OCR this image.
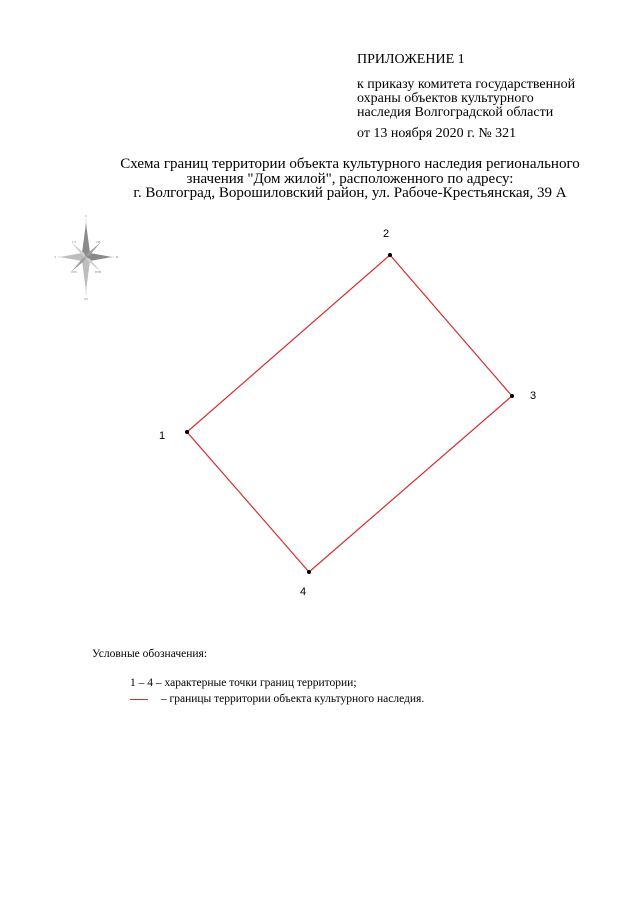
ПРИЛОЖЕНИЕ 1
к приказу комитета государственной
охраны объектов культурного
наследия Волгоградской области
от 13 ноября 2020 г. № 321
Схема границ территории объекта культурного наследия регионального
значения "Дом жилой", расположенного по адресу:
г. Волгоград, Ворошиловский район, ул. Рабоче-Крестьянская, 39 А
С
Ю
З	В
СЗ	СВ
ЮЗ	ЮВ
1
2
3
4
Условные обозначения:
1 – 4 – характерные точки границ территории;
– границы территории объекта культурного наследия.
